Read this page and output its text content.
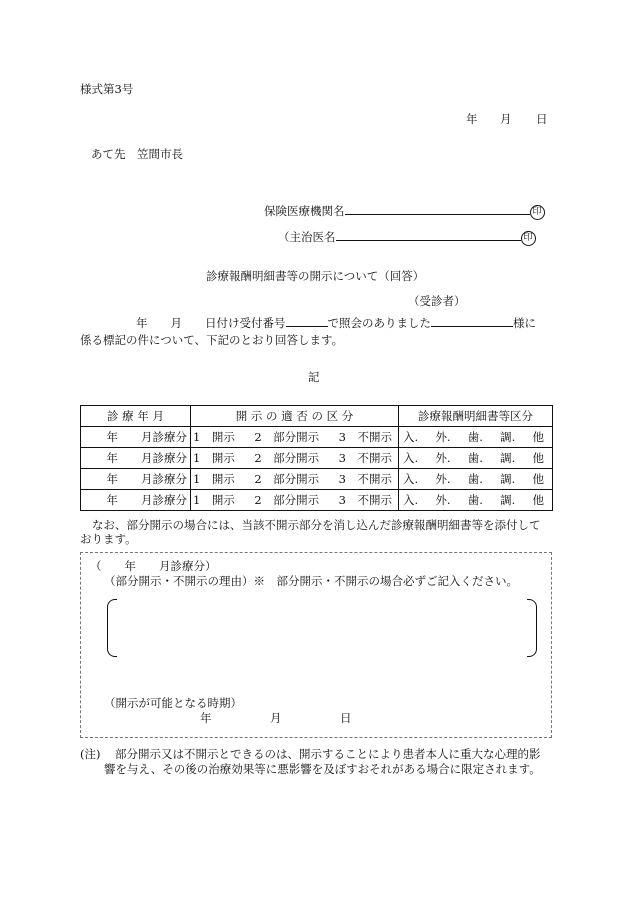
様式第3号
年 月 日
あて先　笠間市長
保険医療機関名	印
（主治医名	印
診療報酬明細書等の開示について（回答）
（受診者）
年　　月　　日付け受付番号	で照会のありました	様に
係る標記の件について、下記のとおり回答します。
記
診 療 年 月	開 示 の 適 否 の 区 分	診療報酬明細書等区分
年　　月診療分	1　開示 2　部分開示 3　不開示	入. 外. 歯. 調. 他

年　　月診療分	1　開示 2　部分開示 3　不開示	入. 外. 歯. 調. 他

年　　月診療分	1　開示 2　部分開示 3　不開示	入. 外. 歯. 調. 他

年　　月診療分	1　開示 2　部分開示 3　不開示	入. 外. 歯. 調. 他
なお、部分開示の場合には、当該不開示部分を消し込んだ診療報酬明細書等を添付して
おります。
（　　年　　月診療分）
（部分開示・不開示の理由）※　部分開示・不開示の場合必ずご記入ください。
（開示が可能となる時期）
年	月	日
(注) 部分開示又は不開示とできるのは、開示することにより患者本人に重大な心理的影
響を与え、その後の治療効果等に悪影響を及ぼすおそれがある場合に限定されます。
